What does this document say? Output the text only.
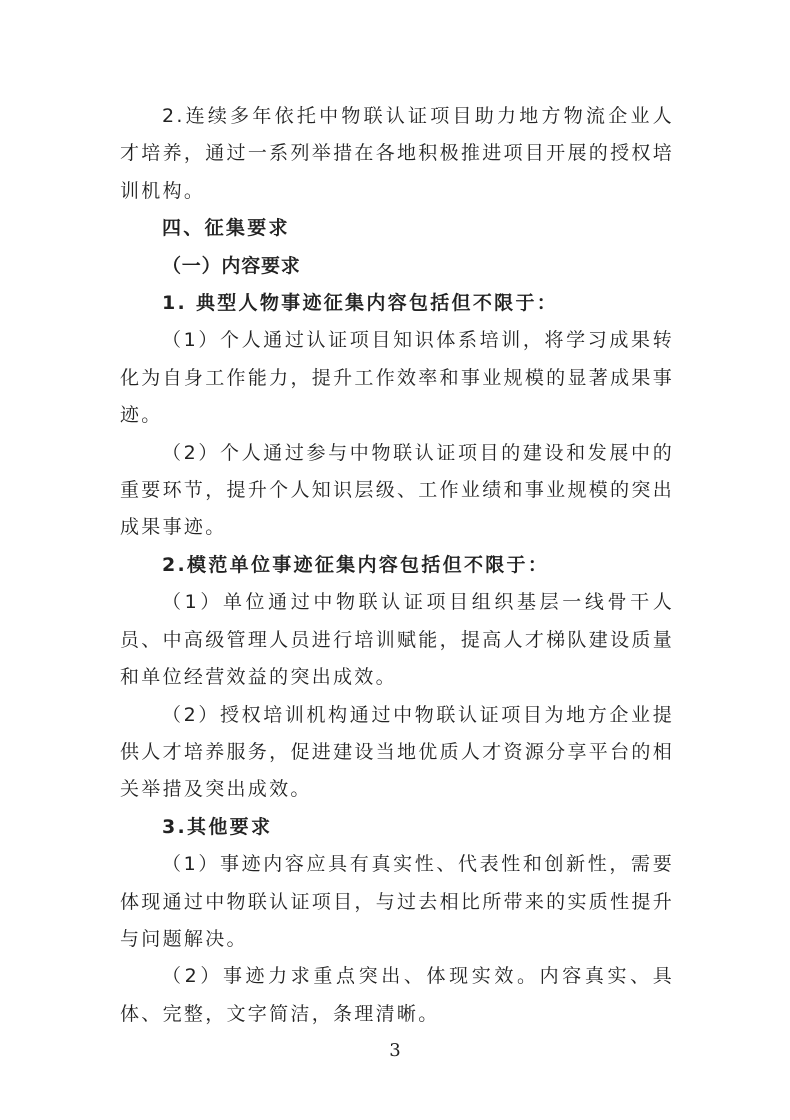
2.连续多年依托中物联认证项目助力地方物流企业人才培养，通过一系列举措在各地积极推进项目开展的授权培训机构。

四、征集要求

（一）内容要求

1. 典型人物事迹征集内容包括但不限于：

（1）个人通过认证项目知识体系培训，将学习成果转化为自身工作能力，提升工作效率和事业规模的显著成果事迹。

（2）个人通过参与中物联认证项目的建设和发展中的重要环节，提升个人知识层级、工作业绩和事业规模的突出成果事迹。

2.模范单位事迹征集内容包括但不限于：

（1）单位通过中物联认证项目组织基层一线骨干人员、中高级管理人员进行培训赋能，提高人才梯队建设质量和单位经营效益的突出成效。

（2）授权培训机构通过中物联认证项目为地方企业提供人才培养服务，促进建设当地优质人才资源分享平台的相关举措及突出成效。

3.其他要求

（1）事迹内容应具有真实性、代表性和创新性，需要体现通过中物联认证项目，与过去相比所带来的实质性提升与问题解决。

（2）事迹力求重点突出、体现实效。内容真实、具体、完整，文字简洁，条理清晰。

3
